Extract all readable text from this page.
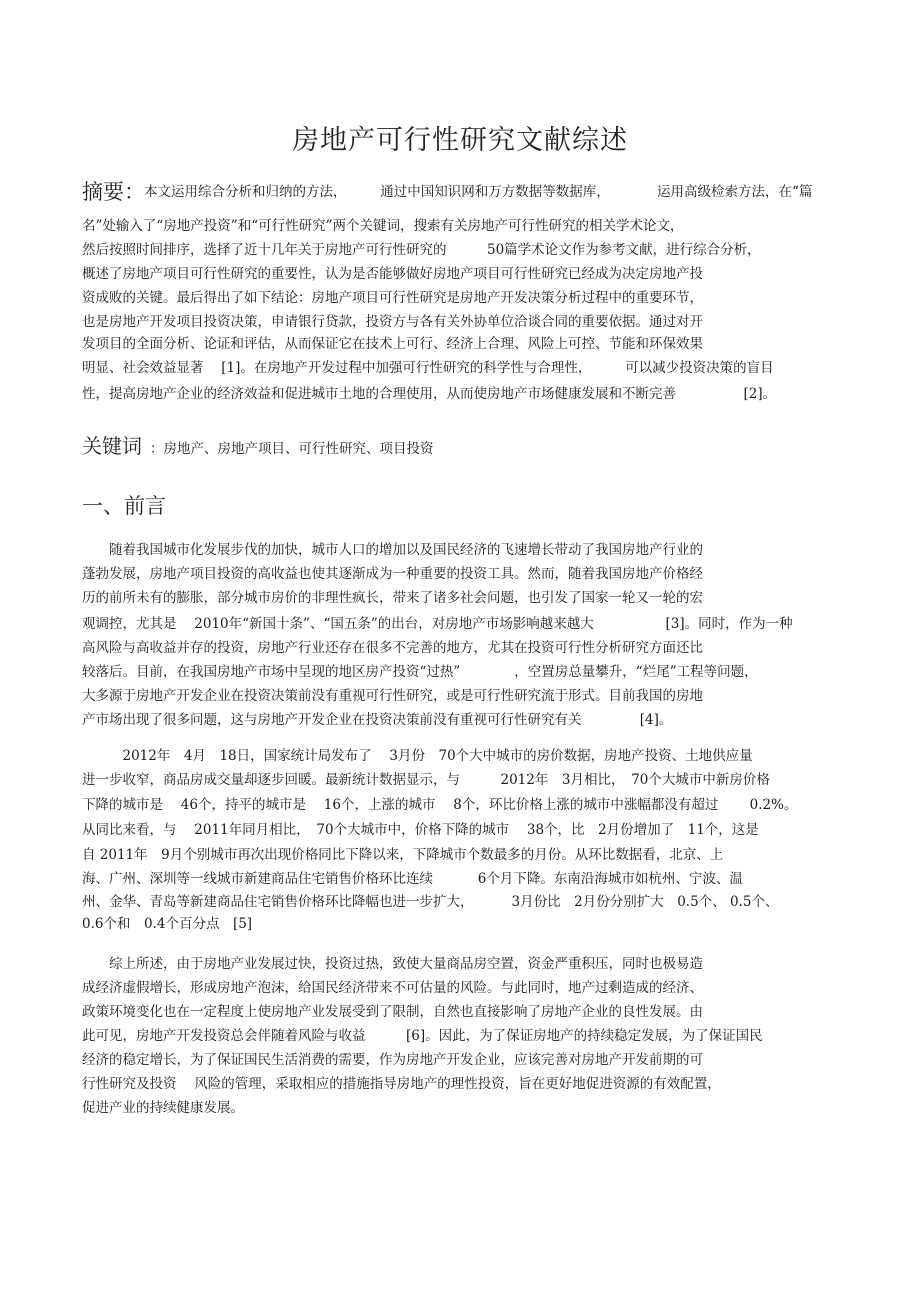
房地产可行性研究文献综述
摘要： 本文运用综合分析和归纳的方法，　　　通过中国知识网和万方数据等数据库，　　　　运用高级检索方法，在“篇
名”处输入了“房地产投资”和“可行性研究”两个关键词，搜索有关房地产可行性研究的相关学术论文，
然后按照时间排序，选择了近十几年关于房地产可行性研究的　　　50篇学术论文作为参考文献，进行综合分析，
概述了房地产项目可行性研究的重要性，认为是否能够做好房地产项目可行性研究已经成为决定房地产投
资成败的关键。最后得出了如下结论：房地产项目可行性研究是房地产开发决策分析过程中的重要环节，
也是房地产开发项目投资决策，申请银行贷款，投资方与各有关外协单位洽谈合同的重要依据。通过对开
发项目的全面分析、论证和评估，从而保证它在技术上可行、经济上合理、风险上可控、节能和环保效果
明显、社会效益显著　 [1]。在房地产开发过程中加强可行性研究的科学性与合理性，　　　可以减少投资决策的盲目
性，提高房地产企业的经济效益和促进城市土地的合理使用，从而使房地产市场健康发展和不断完善　　　　　[2]。
关键词 ：房地产、房地产项目、可行性研究、项目投资
一、前言
　　随着我国城市化发展步伐的加快，城市人口的增加以及国民经济的飞速增长带动了我国房地产行业的
蓬勃发展，房地产项目投资的高收益也使其逐渐成为一种重要的投资工具。然而，随着我国房地产价格经
历的前所未有的膨胀，部分城市房价的非理性疯长，带来了诸多社会问题，也引发了国家一轮又一轮的宏
观调控，尤其是　 2010年“新国十条”、“国五条”的出台，对房地产市场影响越来越大　　　　　 [3]。同时，作为一种
高风险与高收益并存的投资，房地产行业还存在很多不完善的地方，尤其在投资可行性分析研究方面还比
较落后。目前，在我国房地产市场中呈现的地区房产投资“过热”　　　　，空置房总量攀升，“烂尾”工程等问题，
大多源于房地产开发企业在投资决策前没有重视可行性研究，或是可行性研究流于形式。目前我国的房地
产市场出现了很多问题，这与房地产开发企业在投资决策前没有重视可行性研究有关　　　　 [4]。
　　　2012年　4月　18日，国家统计局发布了　 3月份　70个大中城市的房价数据，房地产投资、土地供应量
进一步收窄，商品房成交量却逐步回暖。最新统计数据显示，与　　　2012年　3月相比，　70个大城市中新房价格
下降的城市是　 46个，持平的城市是　 16个，上涨的城市　 8个，环比价格上涨的城市中涨幅都没有超过　　 0.2%。
从同比来看，与　 2011年同月相比，　70个大城市中，价格下降的城市　 38个，比　2月份增加了　11个，这是
自 2011年　9月个别城市再次出现价格同比下降以来，下降城市个数最多的月份。从环比数据看，北京、上
海、广州、深圳等一线城市新建商品住宅销售价格环比连续　　　 6个月下降。东南沿海城市如杭州、宁波、温
州、金华、青岛等新建商品住宅销售价格环比降幅也进一步扩大，　　　 3月份比　2月份分别扩大　0.5个、 0.5个、
0.6个和　0.4个百分点　[5]
　　综上所述，由于房地产业发展过快，投资过热，致使大量商品房空置，资金严重积压，同时也极易造
成经济虚假增长，形成房地产泡沫，给国民经济带来不可估量的风险。与此同时，地产过剩造成的经济、
政策环境变化也在一定程度上使房地产业发展受到了限制，自然也直接影响了房地产企业的良性发展。由
此可见，房地产开发投资总会伴随着风险与收益　　　[6]。因此，为了保证房地产的持续稳定发展，为了保证国民
经济的稳定增长，为了保证国民生活消费的需要，作为房地产开发企业，应该完善对房地产开发前期的可
行性研究及投资　 风险的管理，采取相应的措施指导房地产的理性投资，旨在更好地促进资源的有效配置，
促进产业的持续健康发展。
